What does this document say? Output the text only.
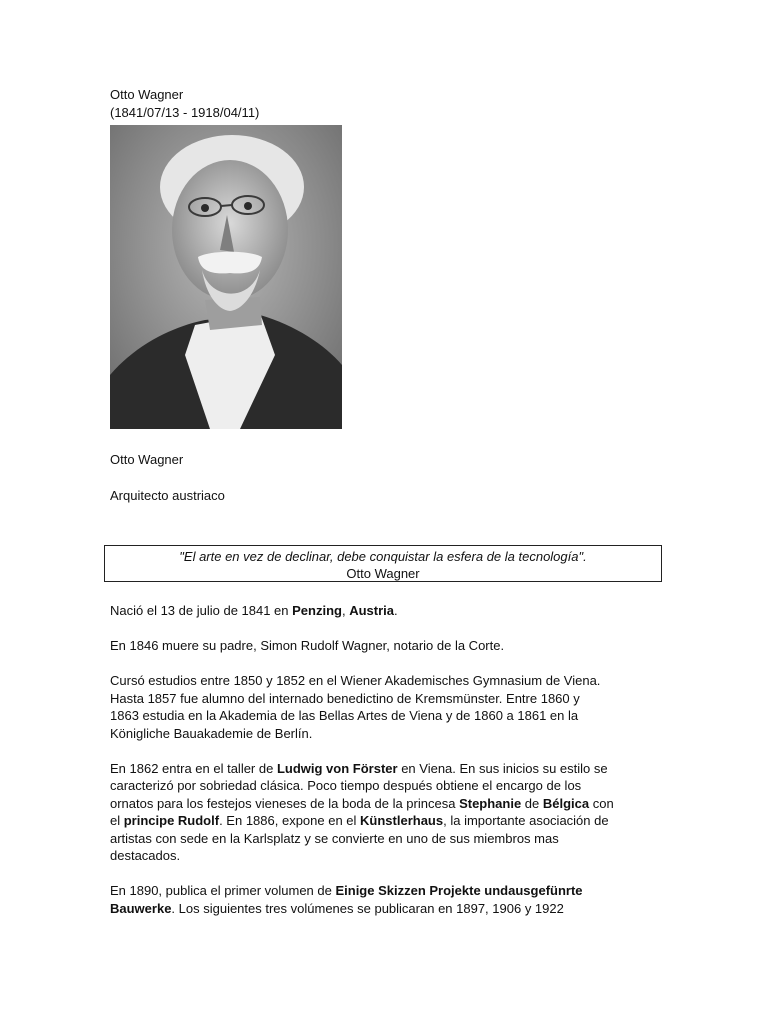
Otto Wagner
(1841/07/13 - 1918/04/11)
Otto Wagner
Arquitecto austriaco
"El arte en vez de declinar, debe conquistar la esfera de la tecnología".
Otto Wagner

Nació el 13 de julio de 1841 en Penzing, Austria.

En 1846 muere su padre, Simon Rudolf Wagner, notario de la Corte.

Cursó estudios entre 1850 y 1852 en el Wiener Akademisches Gymnasium de Viena.
Hasta 1857 fue alumno del internado benedictino de Kremsmünster. Entre 1860 y
1863 estudia en la Akademia de las Bellas Artes de Viena y de 1860 a 1861 en la
Königliche Bauakademie de Berlín.

En 1862 entra en el taller de Ludwig von Förster en Viena. En sus inicios su estilo se
caracterizó por sobriedad clásica. Poco tiempo después obtiene el encargo de los
ornatos para los festejos vieneses de la boda de la princesa Stephanie de Bélgica con
el principe Rudolf. En 1886, expone en el Künstlerhaus, la importante asociación de
artistas con sede en la Karlsplatz y se convierte en uno de sus miembros mas
destacados.

En 1890, publica el primer volumen de Einige Skizzen Projekte undausgefünrte
Bauwerke. Los siguientes tres volúmenes se publicaran en 1897, 1906 y 1922
